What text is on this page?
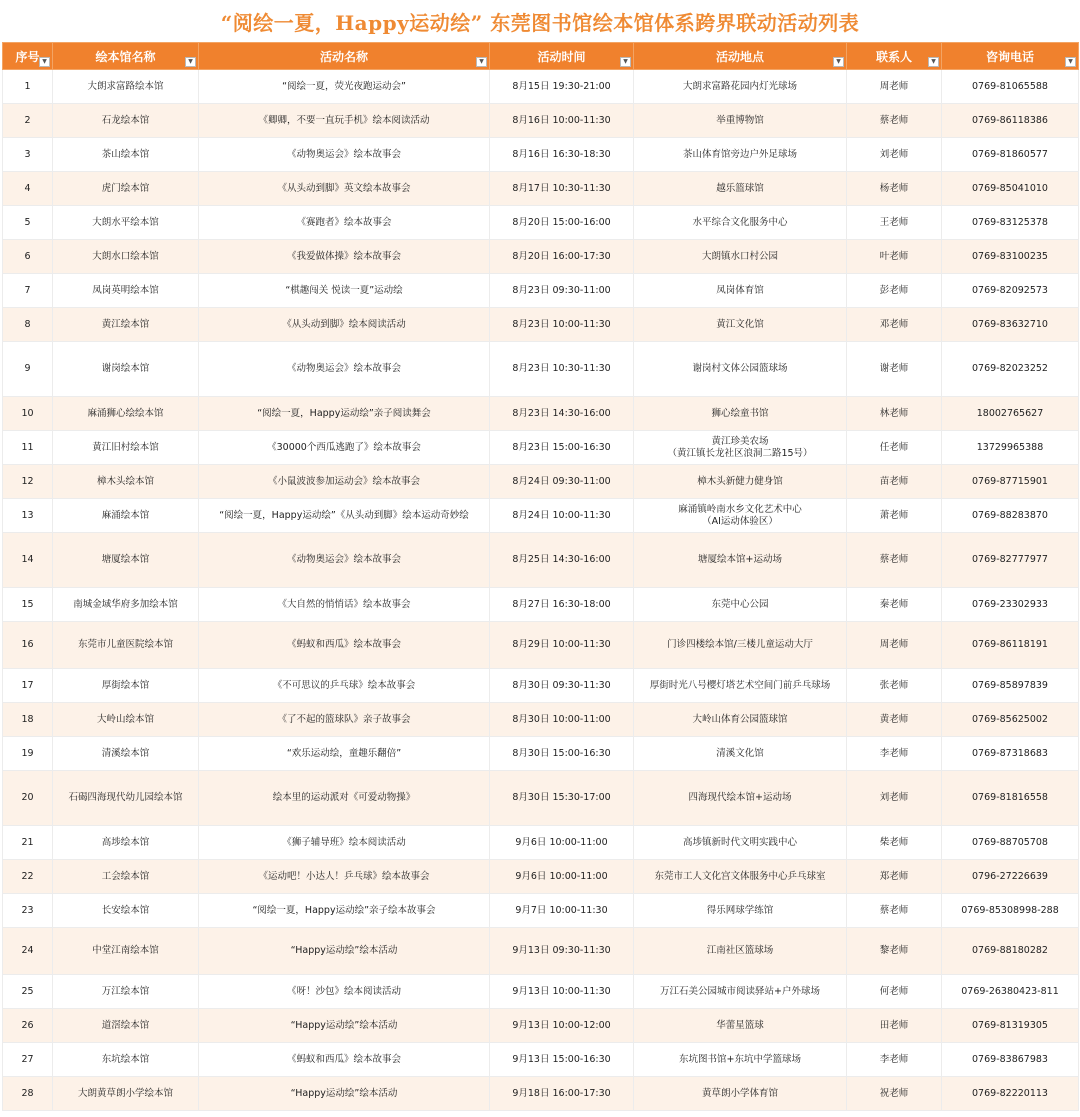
“阅绘一夏，Happy运动绘” 东莞图书馆绘本馆体系跨界联动活动列表
序号 ▼	绘本馆名称 ▼	活动名称 ▼	活动时间 ▼	活动地点 ▼	联系人 ▼	咨询电话 ▼

1	大朗求富路绘本馆	“阅绘一夏，荧光夜跑运动会”	8月15日 19:30-21:00	大朗求富路花园内灯光球场	周老师	0769-81065588
2	石龙绘本馆	《卿卿，不要一直玩手机》绘本阅读活动	8月16日 10:00-11:30	举重博物馆	蔡老师	0769-86118386
3	茶山绘本馆	《动物奥运会》绘本故事会	8月16日 16:30-18:30	茶山体育馆旁边户外足球场	刘老师	0769-81860577
4	虎门绘本馆	《从头动到脚》英文绘本故事会	8月17日 10:30-11:30	越乐篮球馆	杨老师	0769-85041010
5	大朗水平绘本馆	《赛跑者》绘本故事会	8月20日 15:00-16:00	水平综合文化服务中心	王老师	0769-83125378
6	大朗水口绘本馆	《我爱做体操》绘本故事会	8月20日 16:00-17:30	大朗镇水口村公园	叶老师	0769-83100235
7	凤岗英明绘本馆	“棋趣闯关 悦读一夏”运动绘	8月23日 09:30-11:00	凤岗体育馆	彭老师	0769-82092573
8	黄江绘本馆	《从头动到脚》绘本阅读活动	8月23日 10:00-11:30	黄江文化馆	邓老师	0769-83632710
9	谢岗绘本馆	《动物奥运会》绘本故事会	8月23日 10:30-11:30	谢岗村文体公园篮球场	谢老师	0769-82023252
10	麻涌狮心绘绘本馆	“阅绘一夏，Happy运动绘”亲子阅读舞会	8月23日 14:30-16:00	狮心绘童书馆	林老师	18002765627
11	黄江旧村绘本馆	《30000个西瓜逃跑了》绘本故事会	8月23日 15:00-16:30	黄江珍美农场
（黄江镇长龙社区浪洞二路15号）	任老师	13729965388
12	樟木头绘本馆	《小鼠波波参加运动会》绘本故事会	8月24日 09:30-11:00	樟木头新健力健身馆	苗老师	0769-87715901
13	麻涌绘本馆	“阅绘一夏，Happy运动绘”《从头动到脚》绘本运动奇妙绘	8月24日 10:00-11:30	麻涌镇岭南水乡文化艺术中心
（AI运动体验区）	萧老师	0769-88283870
14	塘厦绘本馆	《动物奥运会》绘本故事会	8月25日 14:30-16:00	塘厦绘本馆+运动场	蔡老师	0769-82777977
15	南城金域华府多加绘本馆	《大自然的悄悄话》绘本故事会	8月27日 16:30-18:00	东莞中心公园	秦老师	0769-23302933
16	东莞市儿童医院绘本馆	《蚂蚁和西瓜》绘本故事会	8月29日 10:00-11:30	门诊四楼绘本馆/三楼儿童运动大厅	周老师	0769-86118191
17	厚街绘本馆	《不可思议的乒乓球》绘本故事会	8月30日 09:30-11:30	厚街时光八号樱灯塔艺术空间门前乒乓球场	张老师	0769-85897839
18	大岭山绘本馆	《了不起的篮球队》亲子故事会	8月30日 10:00-11:00	大岭山体育公园篮球馆	黄老师	0769-85625002
19	清溪绘本馆	“欢乐运动绘，童趣乐翻倍”	8月30日 15:00-16:30	清溪文化馆	李老师	0769-87318683
20	石碣四海现代幼儿园绘本馆	绘本里的运动派对《可爱动物操》	8月30日 15:30-17:00	四海现代绘本馆+运动场	刘老师	0769-81816558
21	高埗绘本馆	《狮子辅导班》绘本阅读活动	9月6日 10:00-11:00	高埗镇新时代文明实践中心	柴老师	0769-88705708
22	工会绘本馆	《运动吧！小达人！乒乓球》绘本故事会	9月6日 10:00-11:00	东莞市工人文化宫文体服务中心乒乓球室	郑老师	0796-27226639
23	长安绘本馆	“阅绘一夏，Happy运动绘”亲子绘本故事会	9月7日 10:00-11:30	得乐网球学练馆	蔡老师	0769-85308998-288
24	中堂江南绘本馆	“Happy运动绘”绘本活动	9月13日 09:30-11:30	江南社区篮球场	黎老师	0769-88180282
25	万江绘本馆	《呀！沙包》绘本阅读活动	9月13日 10:00-11:30	万江石美公园城市阅读驿站+户外球场	何老师	0769-26380423-811
26	道滘绘本馆	“Happy运动绘”绘本活动	9月13日 10:00-12:00	华蕾星篮球	田老师	0769-81319305
27	东坑绘本馆	《蚂蚁和西瓜》绘本故事会	9月13日 15:00-16:30	东坑图书馆+东坑中学篮球场	李老师	0769-83867983
28	大朗黄草朗小学绘本馆	“Happy运动绘”绘本活动	9月18日 16:00-17:30	黄草朗小学体育馆	祝老师	0769-82220113
